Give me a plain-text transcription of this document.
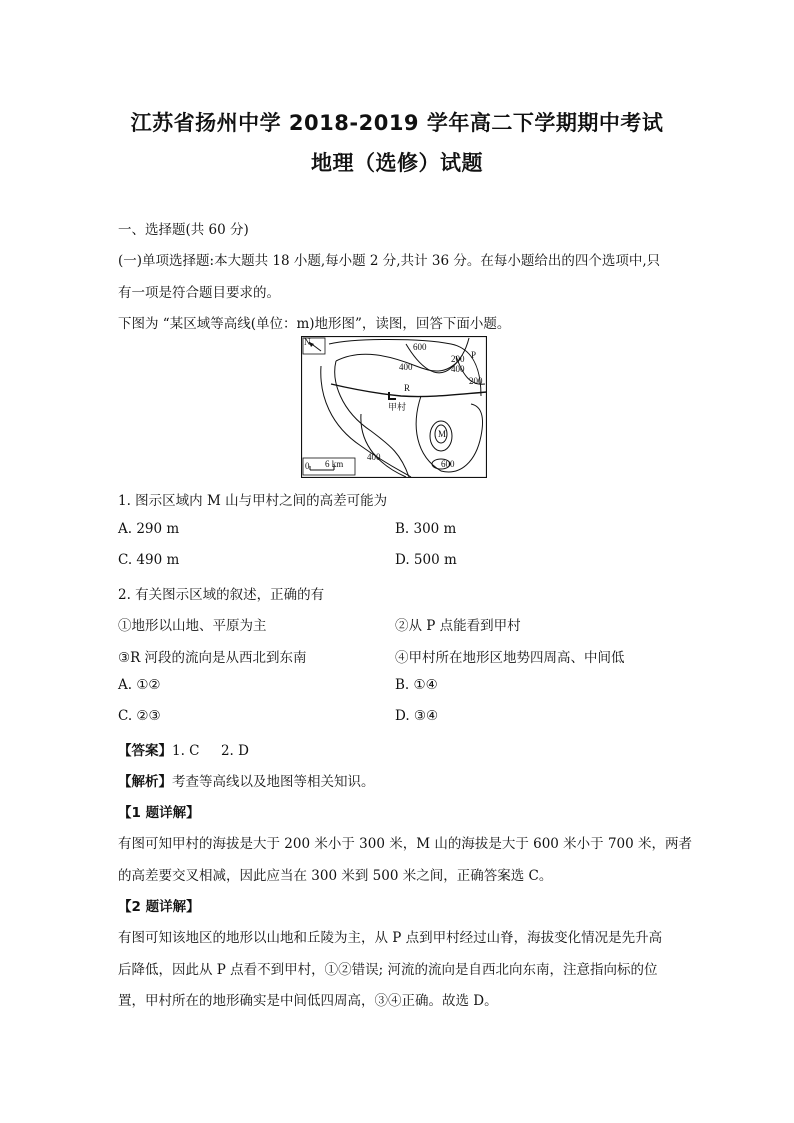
江苏省扬州中学 2018-2019 学年高二下学期期中考试
地理（选修）试题
一、选择题(共 60 分)
(一)单项选择题:本大题共 18 小题,每小题 2 分,共计 36 分。在每小题给出的四个选项中,只
有一项是符合题目要求的。
下图为 “某区域等高线(单位：m)地形图”，读图，回答下面小题。
N
甲村
R
M
P
600
400	400
200
200
400
600
0 6 km
1. 图示区域内 M 山与甲村之间的高差可能为
A. 290 m	B. 300 m
C. 490 m	D. 500 m
2. 有关图示区域的叙述，正确的有
①地形以山地、平原为主	②从 P 点能看到甲村
③R 河段的流向是从西北到东南	④甲村所在地形区地势四周高、中间低
A. ①②	B. ①④
C. ②③	D. ③④
【答案】1. C     2. D
【解析】考查等高线以及地图等相关知识。
【1 题详解】
有图可知甲村的海拔是大于 200 米小于 300 米，M 山的海拔是大于 600 米小于 700 米，两者
的高差要交叉相减，因此应当在 300 米到 500 米之间，正确答案选 C。
【2 题详解】
有图可知该地区的地形以山地和丘陵为主，从 P 点到甲村经过山脊，海拔变化情况是先升高
后降低，因此从 P 点看不到甲村，①②错误; 河流的流向是自西北向东南，注意指向标的位
置，甲村所在的地形确实是中间低四周高，③④正确。故选 D。
